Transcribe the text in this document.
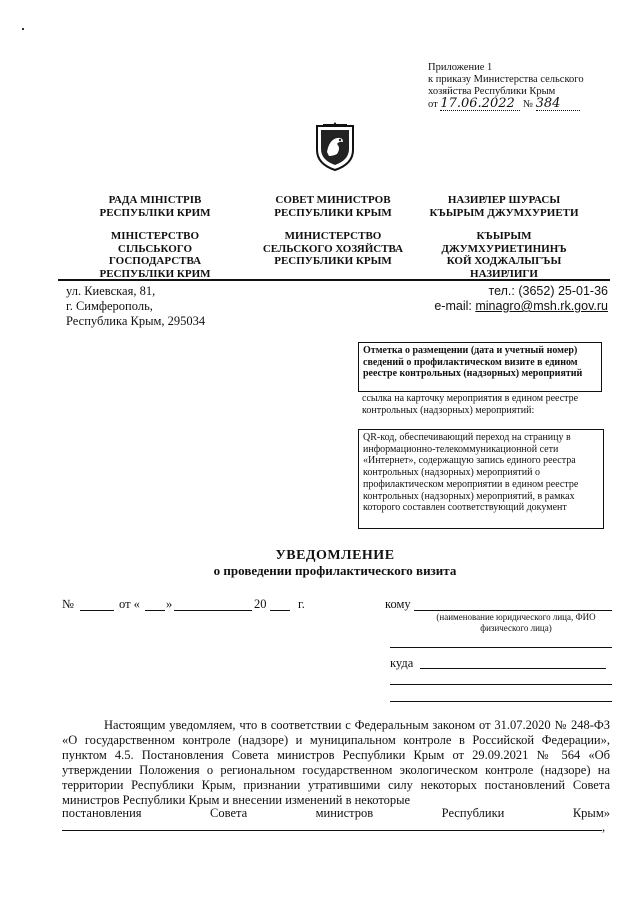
Приложение 1
к приказу Министерства сельского
хозяйства Республики Крым
от 17.06.2022 № 384
РАДА МІНІСТРІВ
РЕСПУБЛІКИ КРИМ
МІНІСТЕРСТВО
СІЛЬСЬКОГО
ГОСПОДАРСТВА
РЕСПУБЛІКИ КРИМ
СОВЕТ МИНИСТРОВ
РЕСПУБЛИКИ КРЫМ
МИНИСТЕРСТВО
СЕЛЬСКОГО ХОЗЯЙСТВА
РЕСПУБЛИКИ КРЫМ
НАЗИРЛЕР ШУРАСЫ
КЪЫРЫМ ДЖУМХУРИЕТИ
КЪЫРЫМ
ДЖУМХУРИЕТИНИНЪ
КОЙ ХОДЖАЛЫГЪЫ
НАЗИРЛИГИ
ул. Киевская, 81,
г. Симферополь,
Республика Крым, 295034
тел.: (3652) 25-01-36
e-mail: minagro@msh.rk.gov.ru
Отметка о размещении (дата и учетный номер) сведений о профилактическом визите в едином реестре контрольных (надзорных) мероприятий
ссылка на карточку мероприятия в едином реестре контрольных (надзорных) мероприятий:
QR-код, обеспечивающий переход на страницу в информационно-телекоммуникационной сети «Интернет», содержащую запись единого реестра контрольных (надзорных) мероприятий о профилактическом мероприятии в едином реестре контрольных (надзорных) мероприятий, в рамках которого составлен соответствующий документ
УВЕДОМЛЕНИЕ
о проведении профилактического визита
№	от « »	20	г.	кому
(наименование юридического лица, ФИО физического лица)
куда
Настоящим уведомляем, что в соответствии с Федеральным законом от 31.07.2020 № 248-ФЗ «О государственном контроле (надзоре) и муниципальном контроле в Российской Федерации», пунктом 4.5. Постановления Совета министров Республики Крым от 29.09.2021 № 564 «Об утверждении Положения о региональном государственном экологическом контроле (надзоре) на территории Республики Крым, признании утратившими силу некоторых постановлений Совета министров Республики Крым и внесении изменений в некоторые
постановления	Совета	министров	Республики	Крым»
,
